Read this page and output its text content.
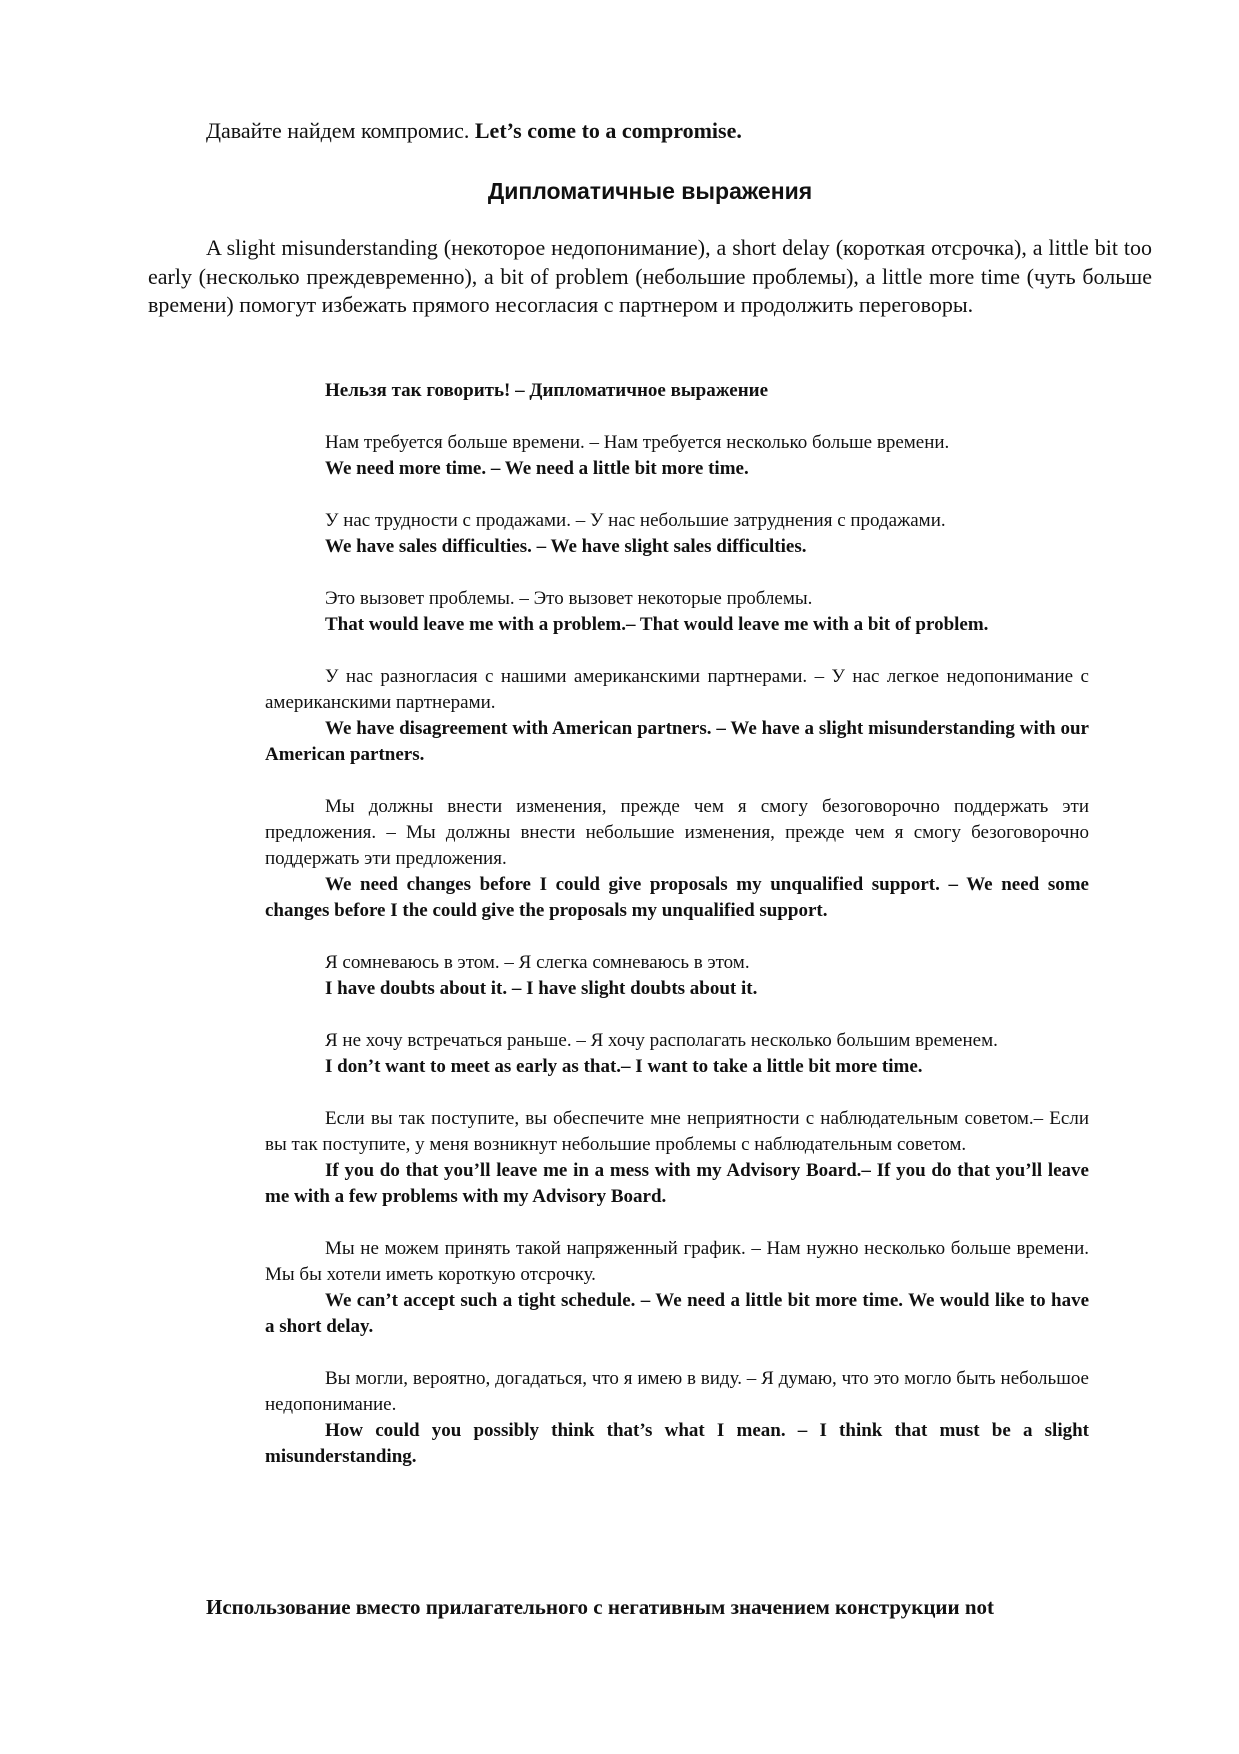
Давайте найдем компромис. Let’s come to a compromise.
Дипломатичные выражения

A slight misunderstanding (некоторое недопонимание), a short delay (короткая отсрочка), a little bit too early (несколько преждевременно), a bit of problem (небольшие проблемы), a little more time (чуть больше времени) помогут избежать прямого несогласия с партнером и продолжить переговоры.

Нельзя так говорить! – Дипломатичное выражение

Нам требуется больше времени. – Нам требуется несколько больше времени.

We need more time. – We need a little bit more time.

У нас трудности с продажами. – У нас небольшие затруднения с продажами.

We have sales difficulties. – We have slight sales difficulties.

Это вызовет проблемы. – Это вызовет некоторые проблемы.

That would leave me with a problem.– That would leave me with a bit of problem.

У нас разногласия с нашими американскими партнерами. – У нас легкое недопонимание с американскими партнерами.

We have disagreement with American partners. – We have a slight misunderstanding with our American partners.

Мы должны внести изменения, прежде чем я смогу безоговорочно поддержать эти предложения. – Мы должны внести небольшие изменения, прежде чем я смогу безоговорочно поддержать эти предложения.

We need changes before I could give proposals my unqualified support. – We need some changes before I the could give the proposals my unqualified support.

Я сомневаюсь в этом. – Я слегка сомневаюсь в этом.

I have doubts about it. – I have slight doubts about it.

Я не хочу встречаться раньше. – Я хочу располагать несколько большим временем.

I don’t want to meet as early as that.– I want to take a little bit more time.

Если вы так поступите, вы обеспечите мне неприятности с наблюдательным советом.– Если вы так поступите, у меня возникнут небольшие проблемы с наблюдательным советом.

If you do that you’ll leave me in a mess with my Advisory Board.– If you do that you’ll leave me with a few problems with my Advisory Board.

Мы не можем принять такой напряженный график. – Нам нужно несколько больше времени. Мы бы хотели иметь короткую отсрочку.

We can’t accept such a tight schedule. – We need a little bit more time. We would like to have a short delay.

Вы могли, вероятно, догадаться, что я имею в виду. – Я думаю, что это могло быть небольшое недопонимание.

How could you possibly think that’s what I mean. – I think that must be a slight misunderstanding.

Использование вместо прилагательного с негативным значением конструкции not
